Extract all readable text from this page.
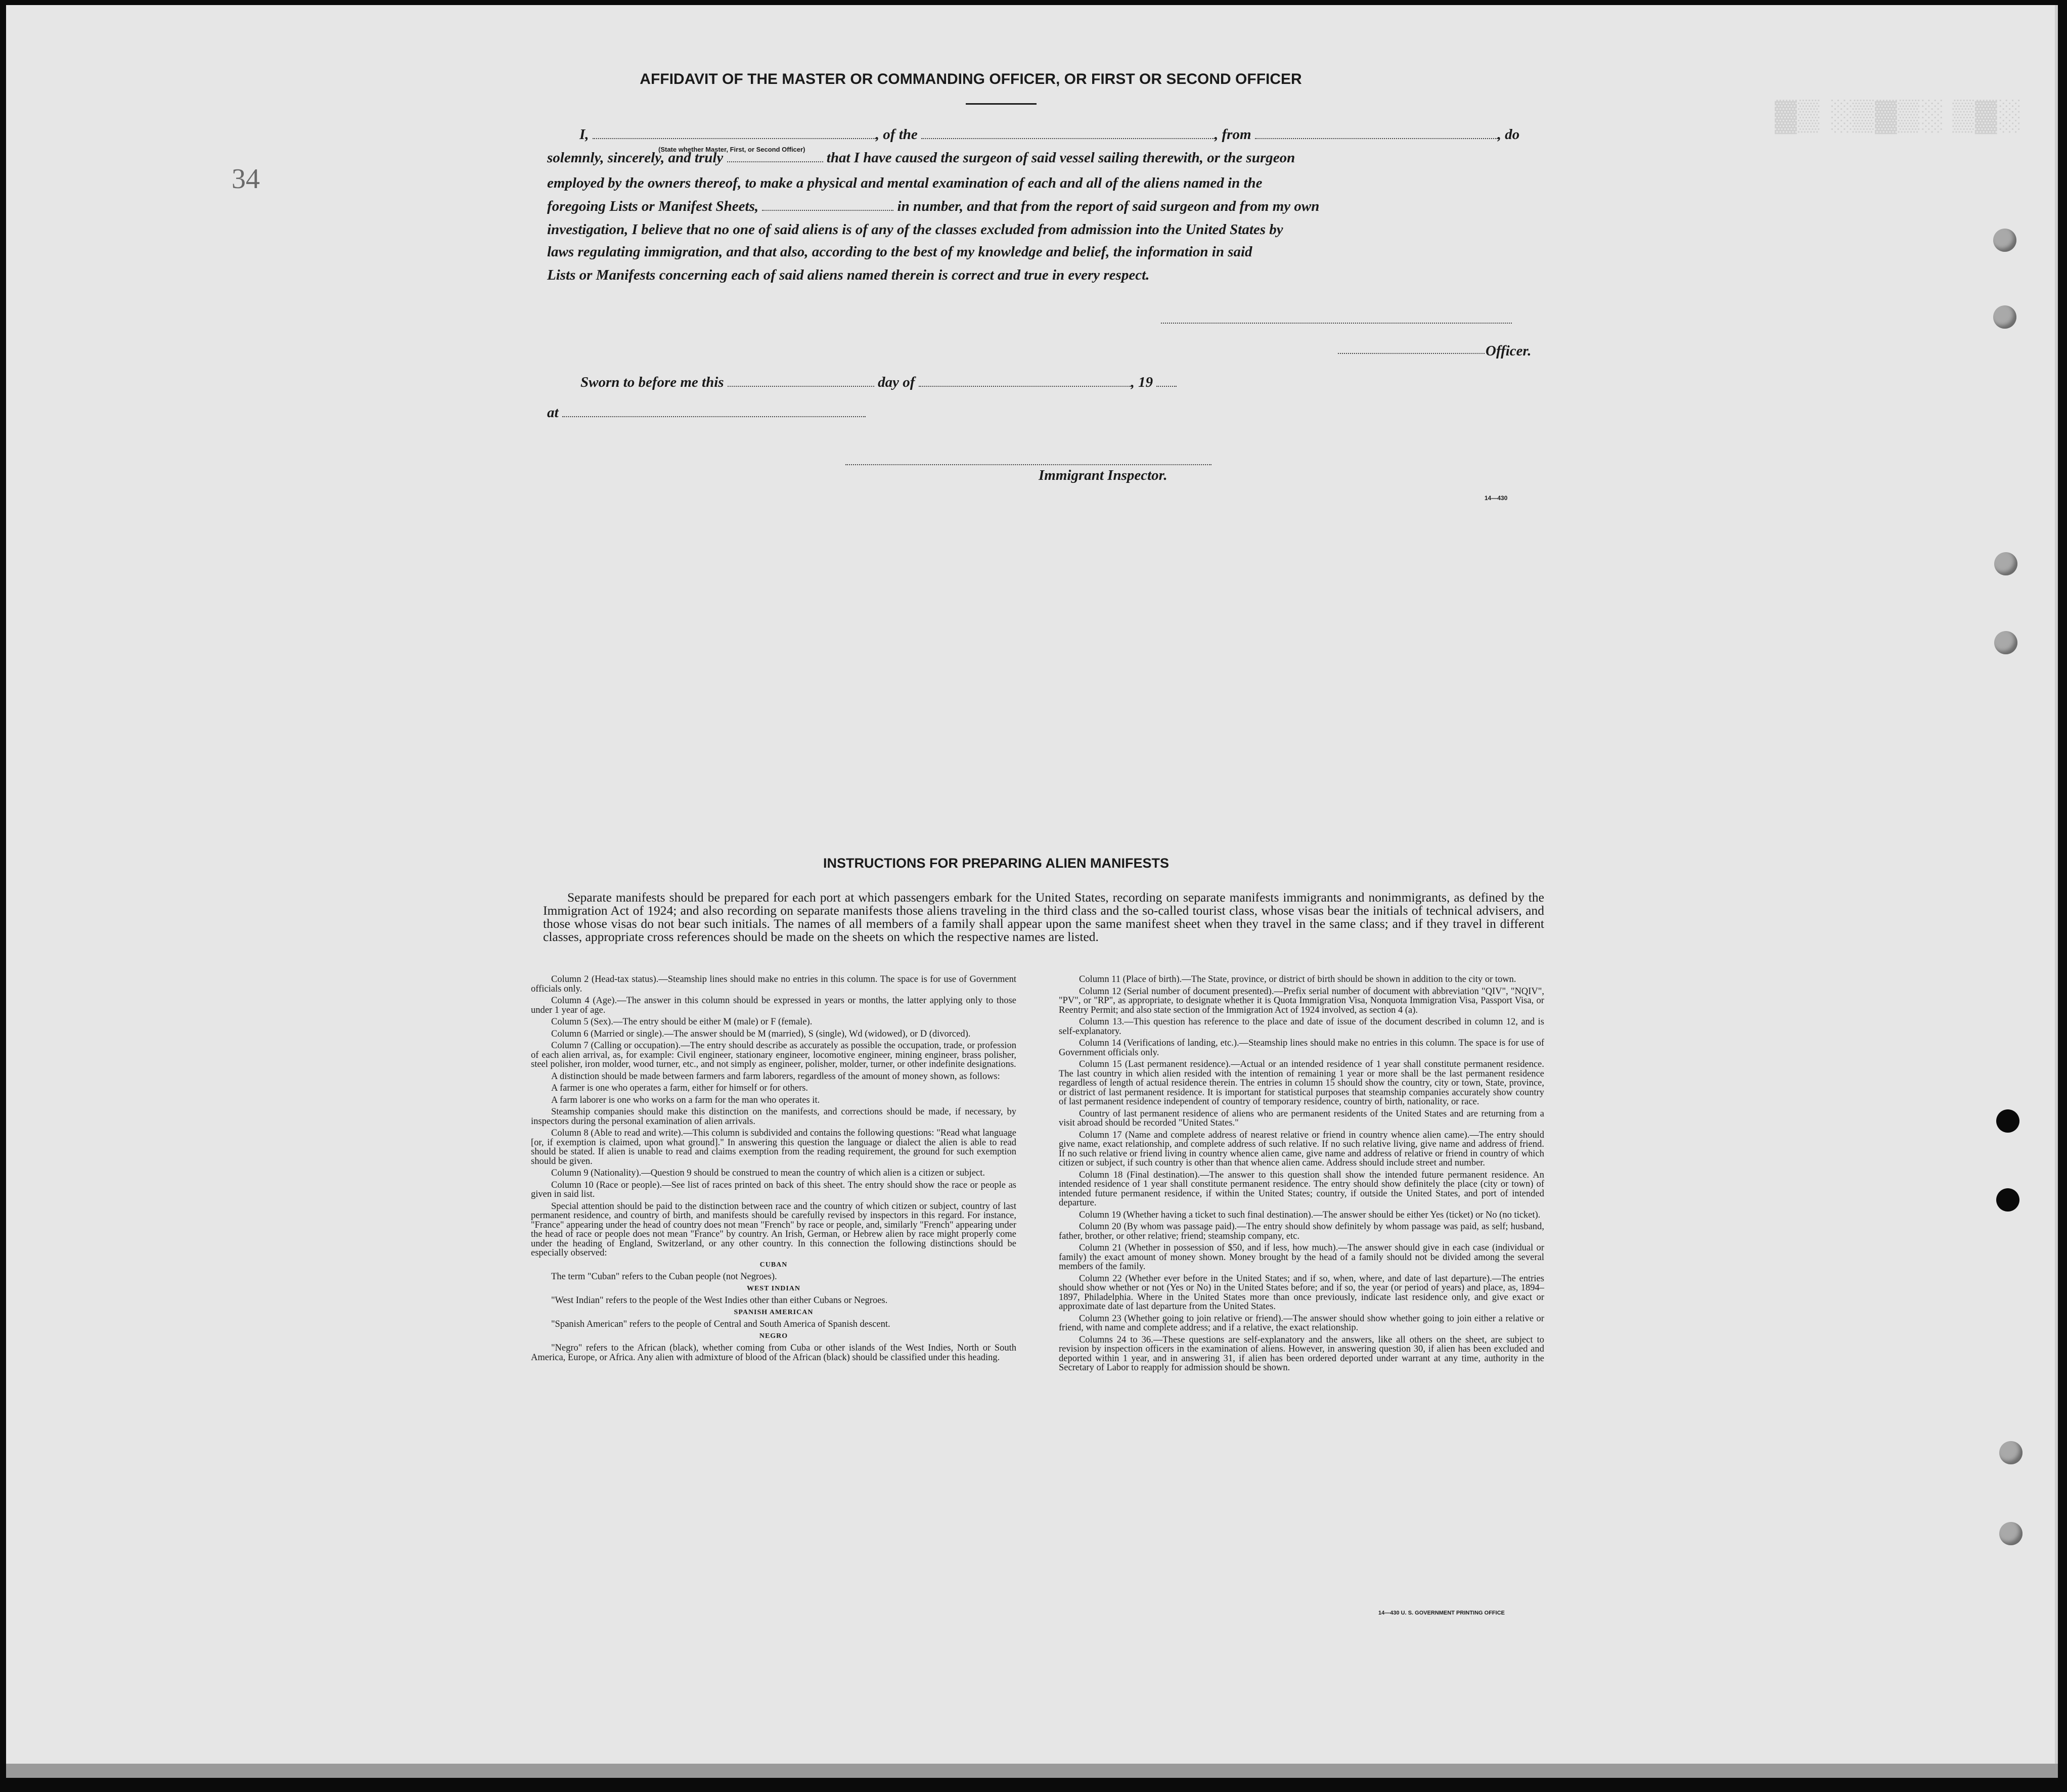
▓▒ ░▒▓▒░ ▒▓░
34
AFFIDAVIT OF THE MASTER OR COMMANDING OFFICER, OR FIRST OR SECOND OFFICER
I,	, of the	, from	, do
(State whether Master, First, or Second Officer)
solemnly, sincerely, and truly	that I have caused the surgeon of said vessel sailing therewith, or the surgeon
employed by the owners thereof, to make a physical and mental examination of each and all of the aliens named in the
foregoing Lists or Manifest Sheets,	in number, and that from the report of said surgeon and from my own
investigation, I believe that no one of said aliens is of any of the classes excluded from admission into the United States by
laws regulating immigration, and that also, according to the best of my knowledge and belief, the information in said
Lists or Manifests concerning each of said aliens named therein is correct and true in every respect.
Officer.
Sworn to before me this	day of	, 19
at
Immigrant Inspector.
14—430
INSTRUCTIONS FOR PREPARING ALIEN MANIFESTS
Separate manifests should be prepared for each port at which passengers embark for the United States, recording on separate manifests immigrants and nonimmigrants, as defined by the Immigration Act of 1924; and also recording on separate manifests those aliens traveling in the third class and the so-called tourist class, whose visas bear the initials of technical advisers, and those whose visas do not bear such initials. The names of all members of a family shall appear upon the same manifest sheet when they travel in the same class; and if they travel in different classes, appropriate cross references should be made on the sheets on which the respective names are listed.

Column 2 (Head-tax status).—Steamship lines should make no entries in this column. The space is for use of Government officials only.

Column 4 (Age).—The answer in this column should be expressed in years or months, the latter applying only to those under 1 year of age.

Column 5 (Sex).—The entry should be either M (male) or F (female).

Column 6 (Married or single).—The answer should be M (married), S (single), Wd (widowed), or D (divorced).

Column 7 (Calling or occupation).—The entry should describe as accurately as possible the occupation, trade, or profession of each alien arrival, as, for example: Civil engineer, stationary engineer, locomotive engineer, mining engineer, brass polisher, steel polisher, iron molder, wood turner, etc., and not simply as engineer, polisher, molder, turner, or other indefinite designations.

A distinction should be made between farmers and farm laborers, regardless of the amount of money shown, as follows:

A farmer is one who operates a farm, either for himself or for others.

A farm laborer is one who works on a farm for the man who operates it.

Steamship companies should make this distinction on the manifests, and corrections should be made, if necessary, by inspectors during the personal examination of alien arrivals.

Column 8 (Able to read and write).—This column is subdivided and contains the following questions: "Read what language [or, if exemption is claimed, upon what ground]." In answering this question the language or dialect the alien is able to read should be stated. If alien is unable to read and claims exemption from the reading requirement, the ground for such exemption should be given.

Column 9 (Nationality).—Question 9 should be construed to mean the country of which alien is a citizen or subject.

Column 10 (Race or people).—See list of races printed on back of this sheet. The entry should show the race or people as given in said list.

Special attention should be paid to the distinction between race and the country of which citizen or subject, country of last permanent residence, and country of birth, and manifests should be carefully revised by inspectors in this regard. For instance, "France" appearing under the head of country does not mean "French" by race or people, and, similarly "French" appearing under the head of race or people does not mean "France" by country. An Irish, German, or Hebrew alien by race might properly come under the heading of England, Switzerland, or any other country. In this connection the following distinctions should be especially observed:

CUBAN

The term "Cuban" refers to the Cuban people (not Negroes).

WEST INDIAN

"West Indian" refers to the people of the West Indies other than either Cubans or Negroes.

SPANISH AMERICAN

"Spanish American" refers to the people of Central and South America of Spanish descent.

NEGRO

"Negro" refers to the African (black), whether coming from Cuba or other islands of the West Indies, North or South America, Europe, or Africa. Any alien with admixture of blood of the African (black) should be classified under this heading.

Column 11 (Place of birth).—The State, province, or district of birth should be shown in addition to the city or town.

Column 12 (Serial number of document presented).—Prefix serial number of document with abbreviation "QIV", "NQIV", "PV", or "RP", as appropriate, to designate whether it is Quota Immigration Visa, Nonquota Immigration Visa, Passport Visa, or Reentry Permit; and also state section of the Immigration Act of 1924 involved, as section 4 (a).

Column 13.—This question has reference to the place and date of issue of the document described in column 12, and is self-explanatory.

Column 14 (Verifications of landing, etc.).—Steamship lines should make no entries in this column. The space is for use of Government officials only.

Column 15 (Last permanent residence).—Actual or an intended residence of 1 year shall constitute permanent residence. The last country in which alien resided with the intention of remaining 1 year or more shall be the last permanent residence regardless of length of actual residence therein. The entries in column 15 should show the country, city or town, State, province, or district of last permanent residence. It is important for statistical purposes that steamship companies accurately show country of last permanent residence independent of country of temporary residence, country of birth, nationality, or race.

Country of last permanent residence of aliens who are permanent residents of the United States and are returning from a visit abroad should be recorded "United States."

Column 17 (Name and complete address of nearest relative or friend in country whence alien came).—The entry should give name, exact relationship, and complete address of such relative. If no such relative living, give name and address of friend. If no such relative or friend living in country whence alien came, give name and address of relative or friend in country of which citizen or subject, if such country is other than that whence alien came. Address should include street and number.

Column 18 (Final destination).—The answer to this question shall show the intended future permanent residence. An intended residence of 1 year shall constitute permanent residence. The entry should show definitely the place (city or town) of intended future permanent residence, if within the United States; country, if outside the United States, and port of intended departure.

Column 19 (Whether having a ticket to such final destination).—The answer should be either Yes (ticket) or No (no ticket).

Column 20 (By whom was passage paid).—The entry should show definitely by whom passage was paid, as self; husband, father, brother, or other relative; friend; steamship company, etc.

Column 21 (Whether in possession of $50, and if less, how much).—The answer should give in each case (individual or family) the exact amount of money shown. Money brought by the head of a family should not be divided among the several members of the family.

Column 22 (Whether ever before in the United States; and if so, when, where, and date of last departure).—The entries should show whether or not (Yes or No) in the United States before; and if so, the year (or period of years) and place, as, 1894–1897, Philadelphia. Where in the United States more than once previously, indicate last residence only, and give exact or approximate date of last departure from the United States.

Column 23 (Whether going to join relative or friend).—The answer should show whether going to join either a relative or friend, with name and complete address; and if a relative, the exact relationship.

Columns 24 to 36.—These questions are self-explanatory and the answers, like all others on the sheet, are subject to revision by inspection officers in the examination of aliens. However, in answering question 30, if alien has been excluded and deported within 1 year, and in answering 31, if alien has been ordered deported under warrant at any time, authority in the Secretary of Labor to reapply for admission should be shown.

14—430 U. S. GOVERNMENT PRINTING OFFICE
